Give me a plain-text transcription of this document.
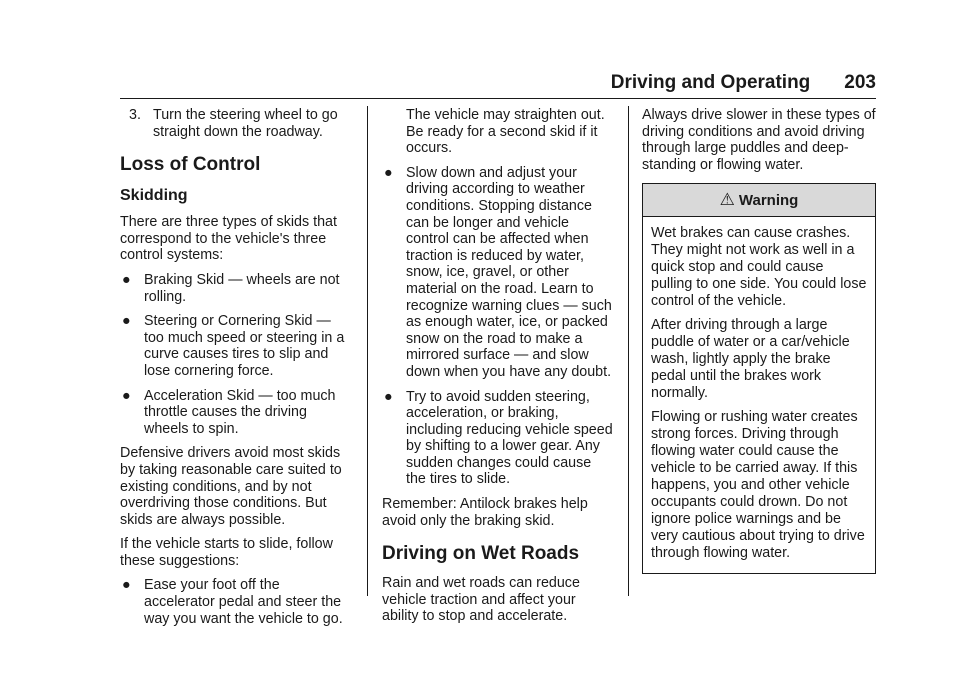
Driving and Operating 203
3. Turn the steering wheel to go straight down the roadway.
Loss of Control
Skidding

There are three types of skids that correspond to the vehicle's three control systems:

● Braking Skid — wheels are not rolling.
● Steering or Cornering Skid — too much speed or steering in a curve causes tires to slip and lose cornering force.
● Acceleration Skid — too much throttle causes the driving wheels to spin.

Defensive drivers avoid most skids by taking reasonable care suited to existing conditions, and by not overdriving those conditions. But skids are always possible.

If the vehicle starts to slide, follow these suggestions:

● Ease your foot off the accelerator pedal and steer the way you want the vehicle to go.
The vehicle may straighten out. Be ready for a second skid if it occurs.
● Slow down and adjust your driving according to weather conditions. Stopping distance can be longer and vehicle control can be affected when traction is reduced by water, snow, ice, gravel, or other material on the road. Learn to recognize warning clues — such as enough water, ice, or packed snow on the road to make a mirrored surface — and slow down when you have any doubt.
● Try to avoid sudden steering, acceleration, or braking, including reducing vehicle speed by shifting to a lower gear. Any sudden changes could cause the tires to slide.

Remember: Antilock brakes help avoid only the braking skid.

Driving on Wet Roads

Rain and wet roads can reduce vehicle traction and affect your ability to stop and accelerate.

Always drive slower in these types of driving conditions and avoid driving through large puddles and deep-standing or flowing water.

⚠ Warning

Wet brakes can cause crashes. They might not work as well in a quick stop and could cause pulling to one side. You could lose control of the vehicle.

After driving through a large puddle of water or a car/vehicle wash, lightly apply the brake pedal until the brakes work normally.

Flowing or rushing water creates strong forces. Driving through flowing water could cause the vehicle to be carried away. If this happens, you and other vehicle occupants could drown. Do not ignore police warnings and be very cautious about trying to drive through flowing water.
